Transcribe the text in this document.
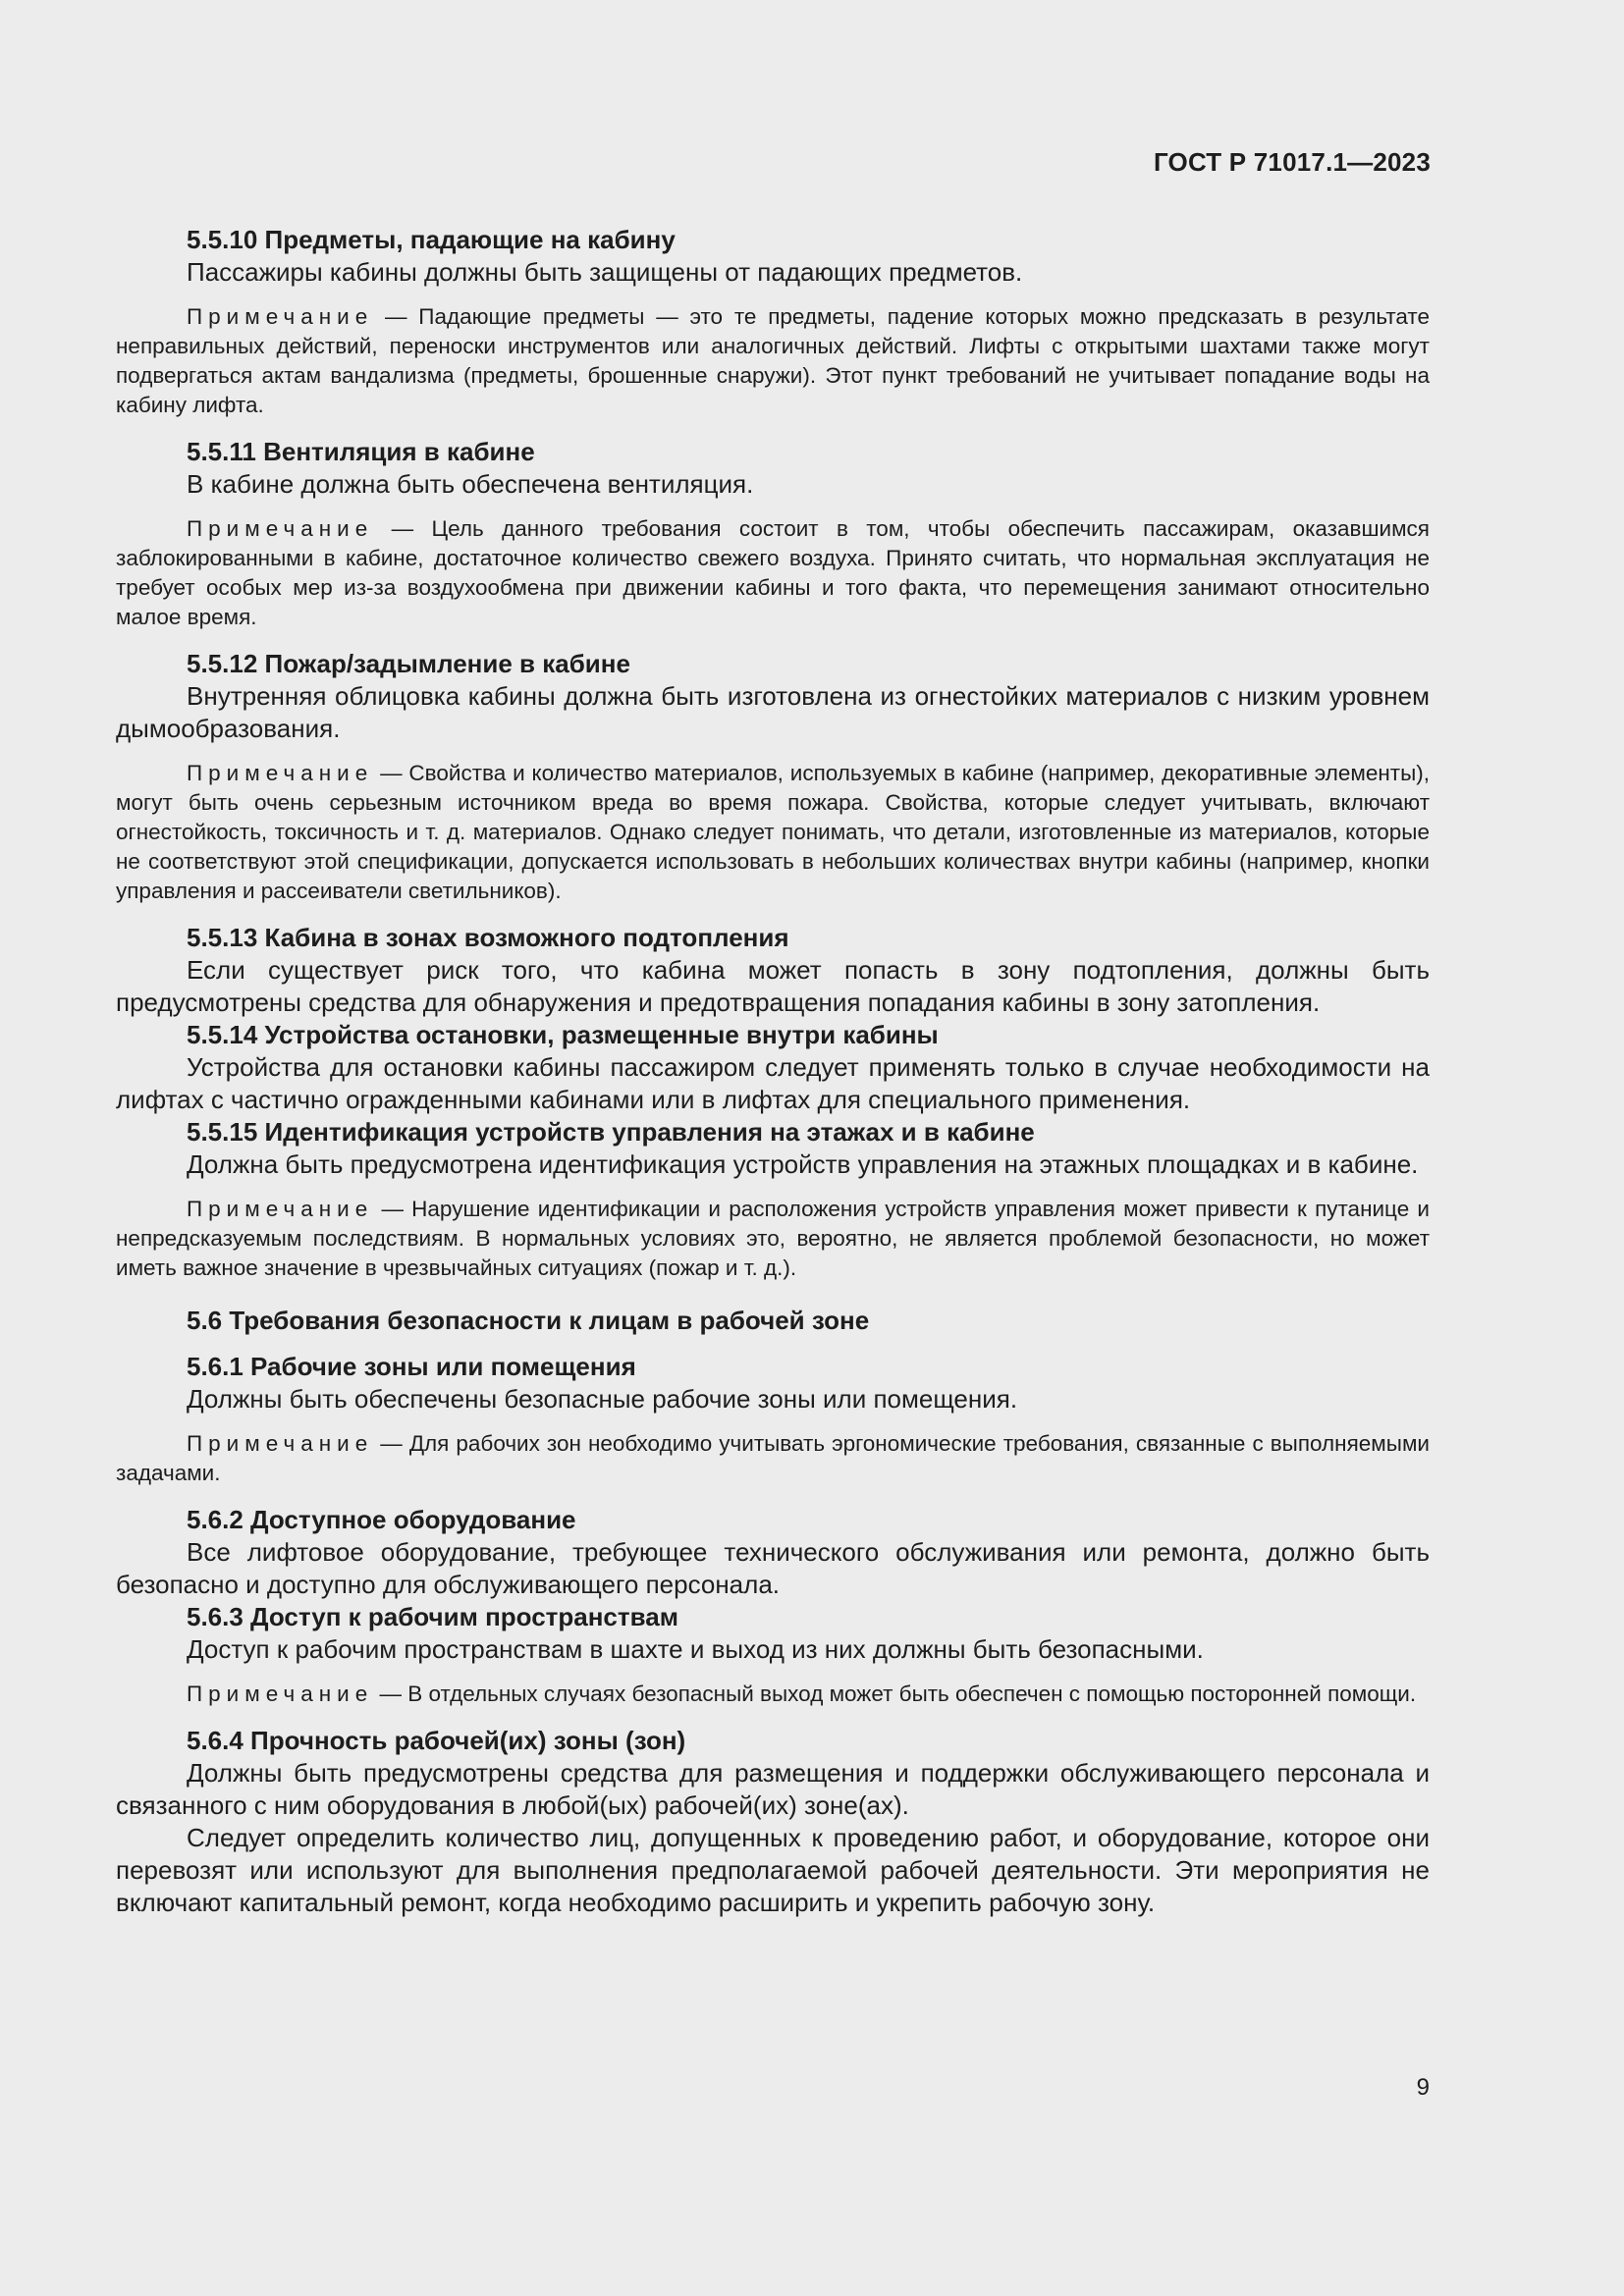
ГОСТ Р 71017.1—2023

5.5.10 Предметы, падающие на кабину

Пассажиры кабины должны быть защищены от падающих предметов.

Примечание — Падающие предметы — это те предметы, падение которых можно предсказать в результате неправильных действий, переноски инструментов или аналогичных действий. Лифты с открытыми шахтами также могут подвергаться актам вандализма (предметы, брошенные снаружи). Этот пункт требований не учитывает попадание воды на кабину лифта.

5.5.11 Вентиляция в кабине

В кабине должна быть обеспечена вентиляция.

Примечание — Цель данного требования состоит в том, чтобы обеспечить пассажирам, оказавшимся заблокированными в кабине, достаточное количество свежего воздуха. Принято считать, что нормальная эксплуатация не требует особых мер из-за воздухообмена при движении кабины и того факта, что перемещения занимают относительно малое время.

5.5.12 Пожар/задымление в кабине

Внутренняя облицовка кабины должна быть изготовлена из огнестойких материалов с низким уровнем дымообразования.

Примечание — Свойства и количество материалов, используемых в кабине (например, декоративные элементы), могут быть очень серьезным источником вреда во время пожара. Свойства, которые следует учитывать, включают огнестойкость, токсичность и т. д. материалов. Однако следует понимать, что детали, изготовленные из материалов, которые не соответствуют этой спецификации, допускается использовать в небольших количествах внутри кабины (например, кнопки управления и рассеиватели светильников).

5.5.13 Кабина в зонах возможного подтопления

Если существует риск того, что кабина может попасть в зону подтопления, должны быть предусмотрены средства для обнаружения и предотвращения попадания кабины в зону затопления.

5.5.14 Устройства остановки, размещенные внутри кабины

Устройства для остановки кабины пассажиром следует применять только в случае необходимости на лифтах с частично огражденными кабинами или в лифтах для специального применения.

5.5.15 Идентификация устройств управления на этажах и в кабине

Должна быть предусмотрена идентификация устройств управления на этажных площадках и в кабине.

Примечание — Нарушение идентификации и расположения устройств управления может привести к путанице и непредсказуемым последствиям. В нормальных условиях это, вероятно, не является проблемой безопасности, но может иметь важное значение в чрезвычайных ситуациях (пожар и т. д.).

5.6 Требования безопасности к лицам в рабочей зоне

5.6.1 Рабочие зоны или помещения

Должны быть обеспечены безопасные рабочие зоны или помещения.

Примечание — Для рабочих зон необходимо учитывать эргономические требования, связанные с выполняемыми задачами.

5.6.2 Доступное оборудование

Все лифтовое оборудование, требующее технического обслуживания или ремонта, должно быть безопасно и доступно для обслуживающего персонала.

5.6.3 Доступ к рабочим пространствам

Доступ к рабочим пространствам в шахте и выход из них должны быть безопасными.

Примечание — В отдельных случаях безопасный выход может быть обеспечен с помощью посторонней помощи.

5.6.4 Прочность рабочей(их) зоны (зон)

Должны быть предусмотрены средства для размещения и поддержки обслуживающего персонала и связанного с ним оборудования в любой(ых) рабочей(их) зоне(ах).

Следует определить количество лиц, допущенных к проведению работ, и оборудование, которое они перевозят или используют для выполнения предполагаемой рабочей деятельности. Эти мероприятия не включают капитальный ремонт, когда необходимо расширить и укрепить рабочую зону.

9
